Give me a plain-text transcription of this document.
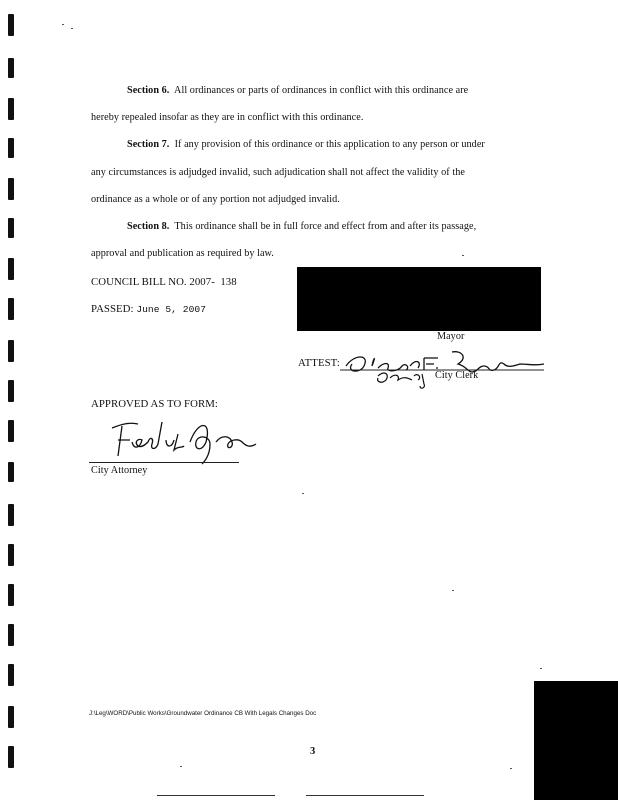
Section 6. All ordinances or parts of ordinances in conflict with this ordinance are
hereby repealed insofar as they are in conflict with this ordinance.
Section 7. If any provision of this ordinance or this application to any person or under
any circumstances is adjudged invalid, such adjudication shall not affect the validity of the
ordinance as a whole or of any portion not adjudged invalid.
Section 8. This ordinance shall be in full force and effect from and after its passage,
approval and publication as required by law.
COUNCIL BILL NO. 2007- 138
PASSED: June 5, 2007
Mayor
ATTEST:
City Clerk
APPROVED AS TO FORM:
City Attorney
J:\Leg\WORD\Public Works\Groundwater Ordinance CB With Legals Changes Doc
3
